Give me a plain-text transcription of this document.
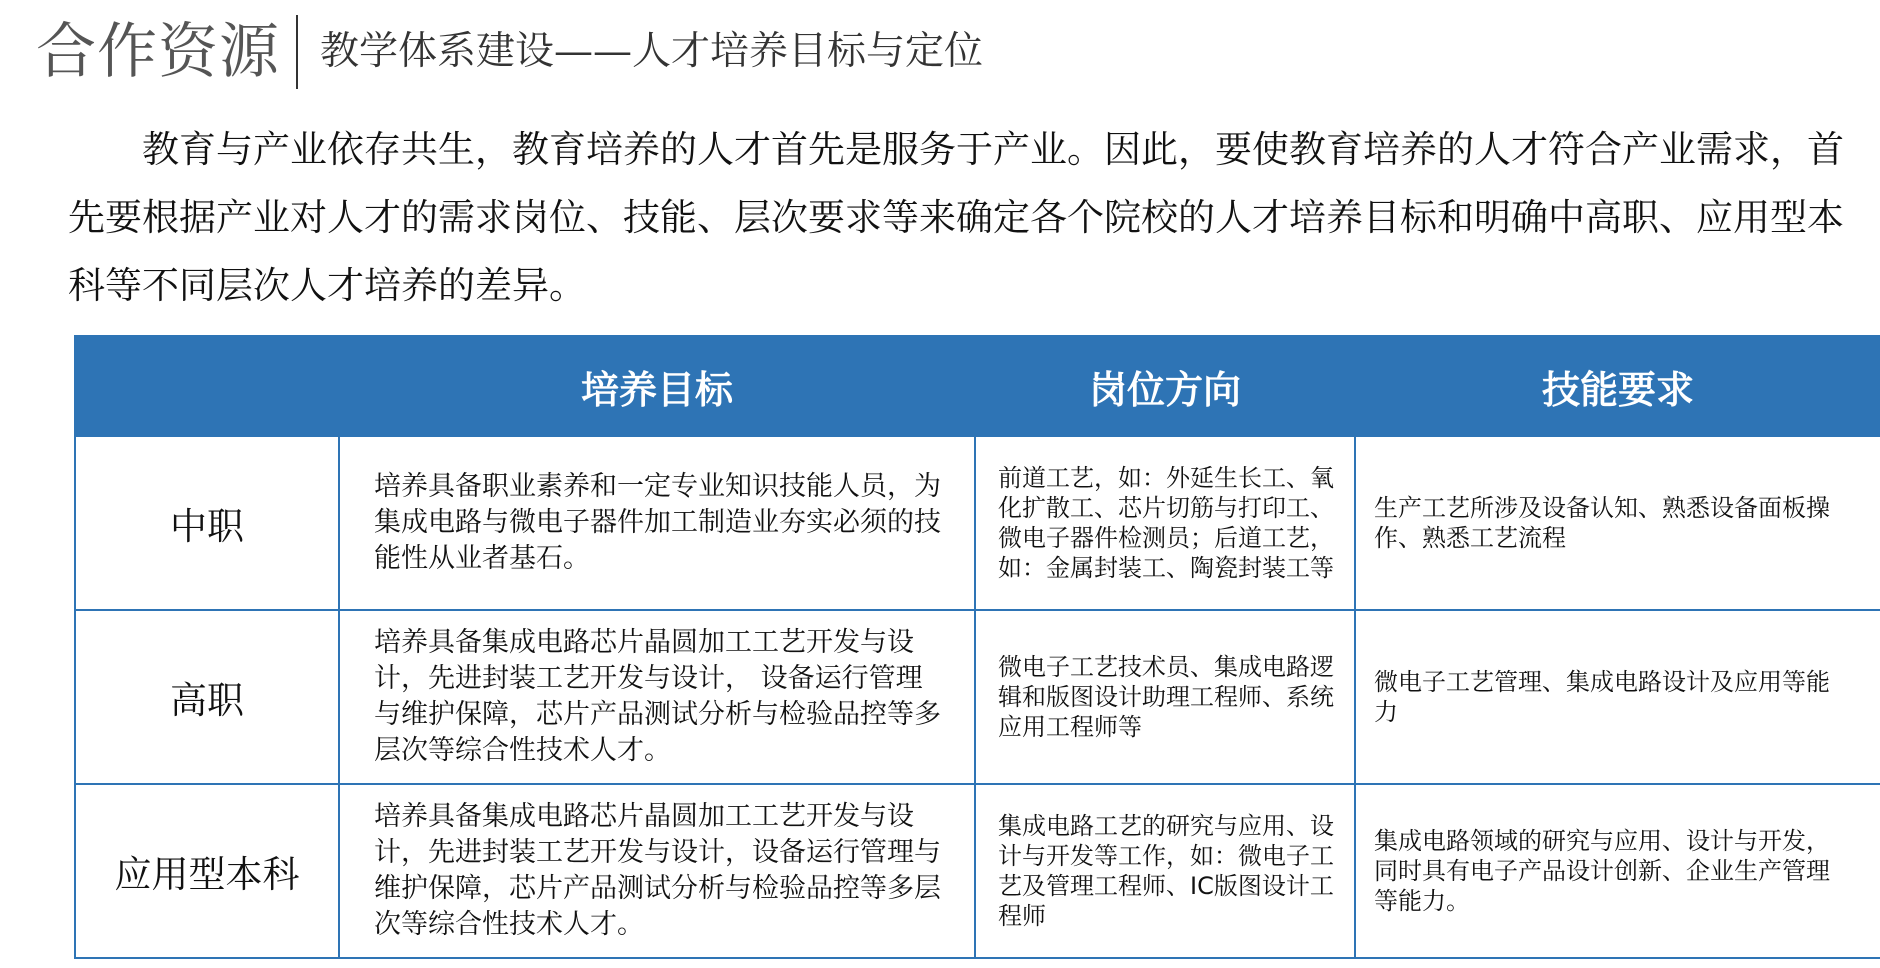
合作资源 教学体系建设——人才培养目标与定位

教育与产业依存共生，教育培养的人才首先是服务于产业。因此，要使教育培养的人才符合产业需求，首先要根据产业对人才的需求岗位、技能、层次要求等来确定各个院校的人才培养目标和明确中高职、应用型本科等不同层次人才培养的差异。

	培养目标	岗位方向	技能要求
中职	培养具备职业素养和一定专业知识技能人员，为集成电路与微电子器件加工制造业夯实必须的技能性从业者基石。	前道工艺，如：外延生长工、氧化扩散工、芯片切筋与打印工、微电子器件检测员；后道工艺，如：金属封装工、陶瓷封装工等	生产工艺所涉及设备认知、熟悉设备面板操作、熟悉工艺流程
高职	培养具备集成电路芯片晶圆加工工艺开发与设计，先进封装工艺开发与设计， 设备运行管理与维护保障，芯片产品测试分析与检验品控等多层次等综合性技术人才。	微电子工艺技术员、集成电路逻辑和版图设计助理工程师、系统应用工程师等	微电子工艺管理、集成电路设计及应用等能力
应用型本科	培养具备集成电路芯片晶圆加工工艺开发与设计，先进封装工艺开发与设计，设备运行管理与维护保障，芯片产品测试分析与检验品控等多层次等综合性技术人才。	集成电路工艺的研究与应用、设计与开发等工作，如：微电子工艺及管理工程师、IC版图设计工程师	集成电路领域的研究与应用、设计与开发，同时具有电子产品设计创新、企业生产管理等能力。
